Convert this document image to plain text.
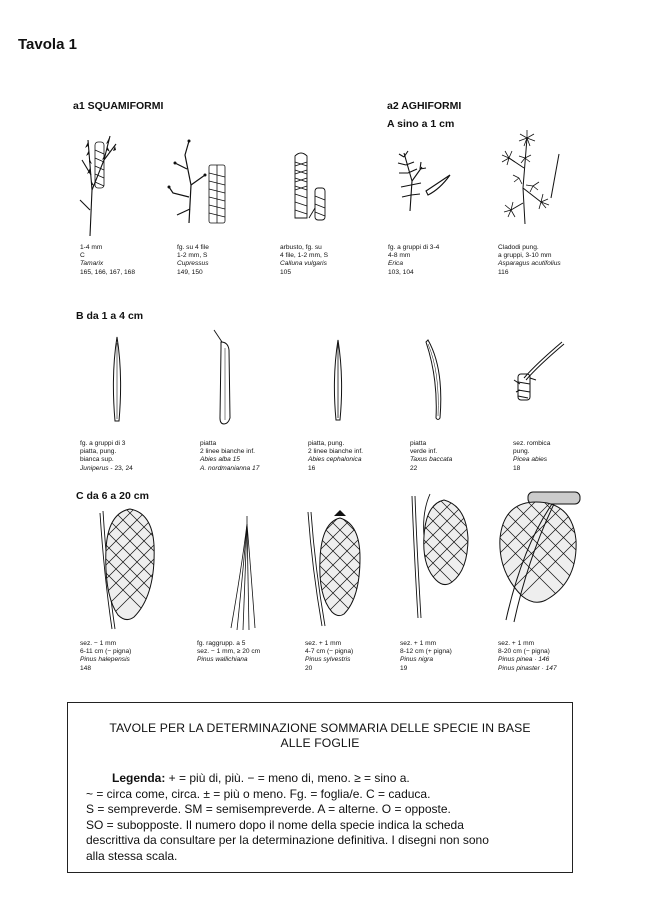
Tavola 1
a1 SQUAMIFORMI	a2 AGHIFORMI
A sino a 1 cm
B da 1 a 4 cm
C da 6 a 20 cm
1-4 mm
C
Tamarix
165, 166, 167, 168
fg. su 4 file
1-2 mm, S
Cupressus
149, 150
arbusto, fg. su
4 file, 1-2 mm, S
Calluna vulgaris
105
fg. a gruppi di 3-4
4-8 mm
Erica
103, 104
Cladodi pung.
a gruppi, 3-10 mm
Asparagus acutifolius
116
fg. a gruppi di 3
piatta, pung.
bianca sup.
Juniperus - 23, 24
piatta
2 linee bianche inf.
Abies alba 15
A. nordmanianna 17
piatta, pung.
2 linee bianche inf.
Abies cephalonica
16
piatta
verde inf.
Taxus baccata
22
sez. rombica
pung.
Picea abies
18
sez. − 1 mm
6-11 cm (− pigna)
Pinus halepensis
148
fg. raggrupp. a 5
sez. − 1 mm, ≥ 20 cm
Pinus wallichiana
sez. + 1 mm
4-7 cm (− pigna)
Pinus sylvestris
20
sez. + 1 mm
8-12 cm (+ pigna)
Pinus nigra
19
sez. + 1 mm
8-20 cm (− pigna)
Pinus pinea · 146
Pinus pinaster · 147
TAVOLE PER LA DETERMINAZIONE SOMMARIA DELLE SPECIE IN BASE
ALLE FOGLIE
Legenda: + = più di, più. − = meno di, meno. ≥ = sino a.
~ = circa come, circa. ± = più o meno. Fg. = foglia/e. C = caduca.
S = sempreverde. SM = semisempreverde. A = alterne. O = opposte.
SO = subopposte. Il numero dopo il nome della specie indica la scheda
descrittiva da consultare per la determinazione definitiva. I disegni non sono
alla stessa scala.
